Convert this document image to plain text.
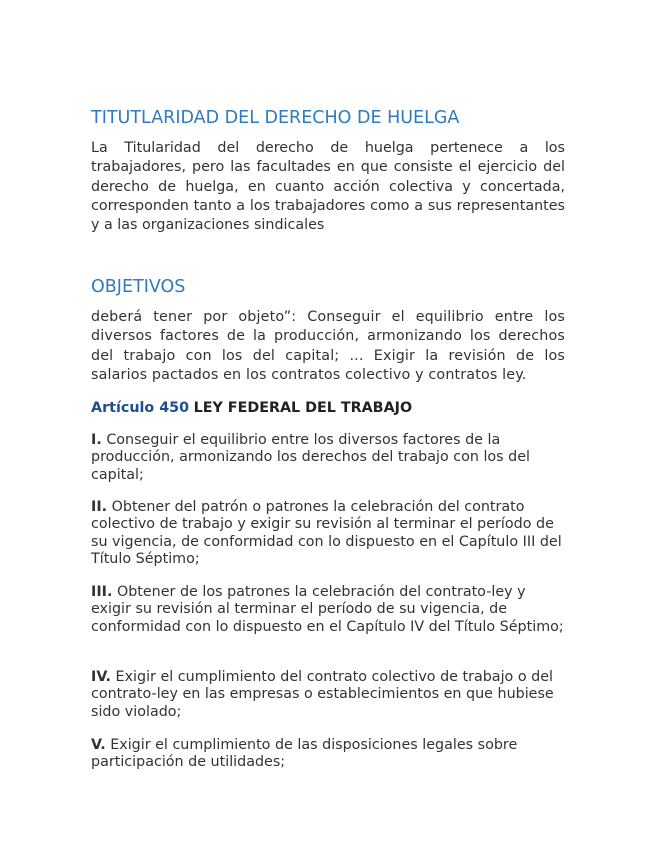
TITUTLARIDAD DEL DERECHO DE HUELGA

La Titularidad del derecho de huelga pertenece a los trabajadores, pero las facultades en que consiste el ejercicio del derecho de huelga, en cuanto acción colectiva y concertada, corresponden tanto a los trabajadores como a sus representantes y a las organizaciones sindicales

OBJETIVOS

deberá tener por objeto”: Conseguir el equilibrio entre los diversos factores de la producción, armonizando los derechos del trabajo con los del capital; ... Exigir la revisión de los salarios pactados en los contratos colectivo y contratos ley.

Artículo 450 LEY FEDERAL DEL TRABAJO

I. Conseguir el equilibrio entre los diversos factores de la producción, armonizando los derechos del trabajo con los del capital;

II. Obtener del patrón o patrones la celebración del contrato colectivo de trabajo y exigir su revisión al terminar el período de su vigencia, de conformidad con lo dispuesto en el Capítulo III del Título Séptimo;

III. Obtener de los patrones la celebración del contrato-ley y exigir su revisión al terminar el período de su vigencia, de conformidad con lo dispuesto en el Capítulo IV del Título Séptimo;

IV. Exigir el cumplimiento del contrato colectivo de trabajo o del contrato-ley en las empresas o establecimientos en que hubiese sido violado;

V. Exigir el cumplimiento de las disposiciones legales sobre participación de utilidades;
